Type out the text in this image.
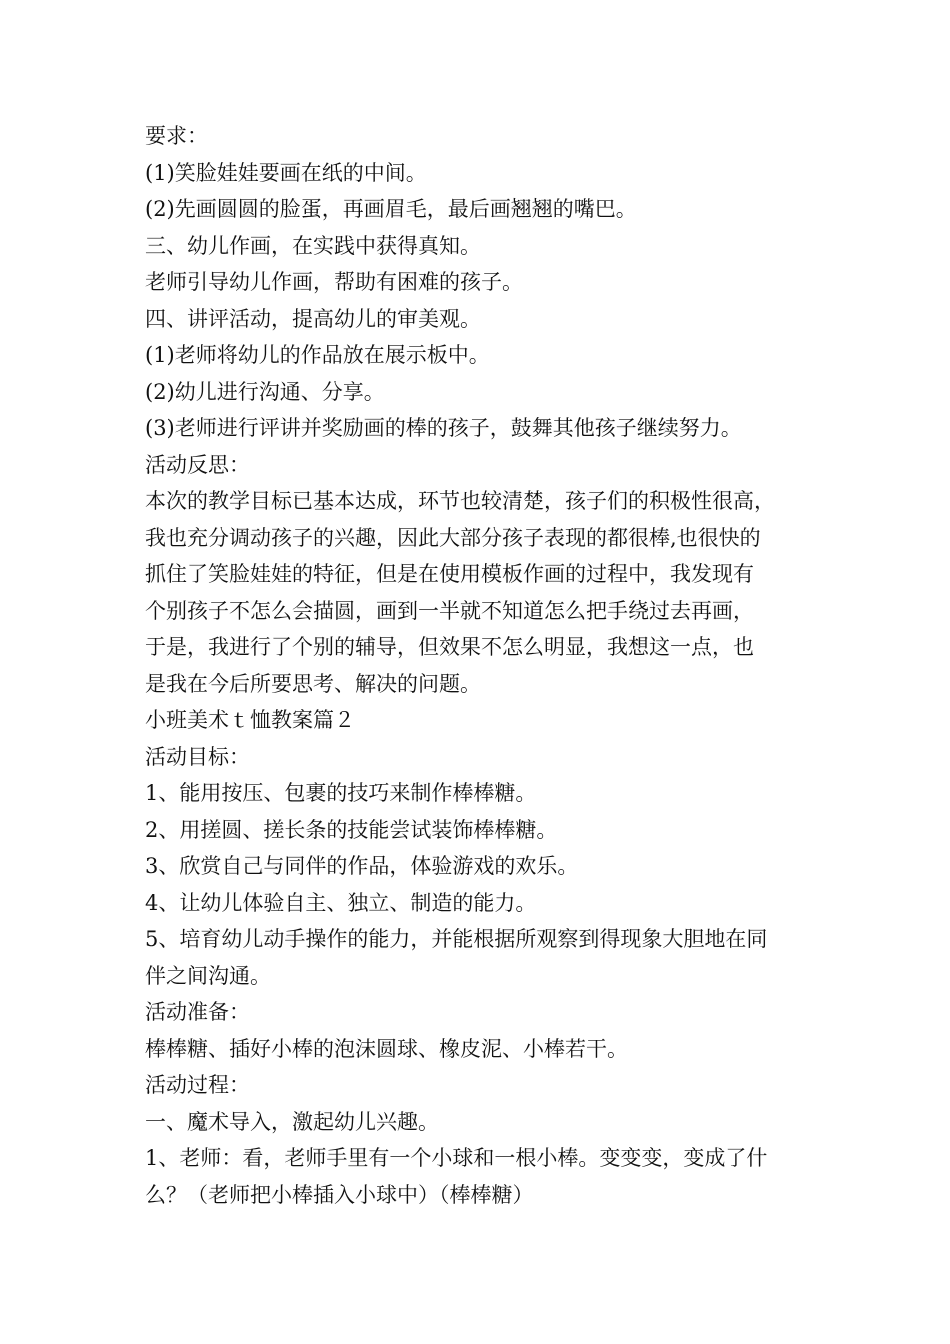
要求：
(1)笑脸娃娃要画在纸的中间。
(2)先画圆圆的脸蛋，再画眉毛，最后画翘翘的嘴巴。
三、幼儿作画，在实践中获得真知。
老师引导幼儿作画，帮助有困难的孩子。
四、讲评活动，提高幼儿的审美观。
(1)老师将幼儿的作品放在展示板中。
(2)幼儿进行沟通、分享。
(3)老师进行评讲并奖励画的棒的孩子，鼓舞其他孩子继续努力。
活动反思：
本次的教学目标已基本达成，环节也较清楚，孩子们的积极性很高，
我也充分调动孩子的兴趣，因此大部分孩子表现的都很棒,也很快的
抓住了笑脸娃娃的特征，但是在使用模板作画的过程中，我发现有
个别孩子不怎么会描圆，画到一半就不知道怎么把手绕过去再画，
于是，我进行了个别的辅导，但效果不怎么明显，我想这一点，也
是我在今后所要思考、解决的问题。
小班美术ｔ恤教案篇２
活动目标：
1、能用按压、包裹的技巧来制作棒棒糖。
2、用搓圆、搓长条的技能尝试装饰棒棒糖。
3、欣赏自己与同伴的作品，体验游戏的欢乐。
4、让幼儿体验自主、独立、制造的能力。
5、培育幼儿动手操作的能力，并能根据所观察到得现象大胆地在同
伴之间沟通。
活动准备：
棒棒糖、插好小棒的泡沫圆球、橡皮泥、小棒若干。
活动过程：
一、魔术导入，激起幼儿兴趣。
1、老师：看，老师手里有一个小球和一根小棒。变变变，变成了什
么？（老师把小棒插入小球中）（棒棒糖）
